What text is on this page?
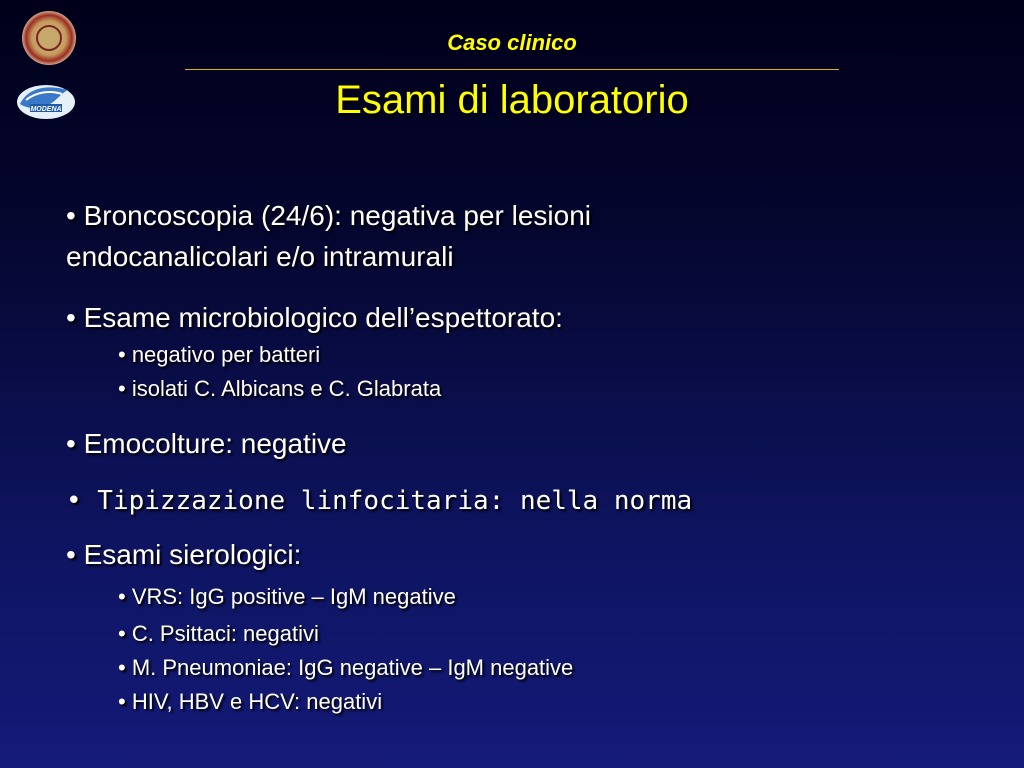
MODENA
Caso clinico
Esami di laboratorio
• Broncoscopia (24/6): negativa per lesioni
endocanalicolari e/o intramurali
• Esame microbiologico dell’espettorato:
• negativo per batteri
• isolati C. Albicans e C. Glabrata
• Emocolture: negative
• Tipizzazione linfocitaria: nella norma
• Esami sierologici:
• VRS: IgG positive – IgM negative
• C. Psittaci: negativi
• M. Pneumoniae: IgG negative – IgM negative
• HIV, HBV e HCV: negativi
